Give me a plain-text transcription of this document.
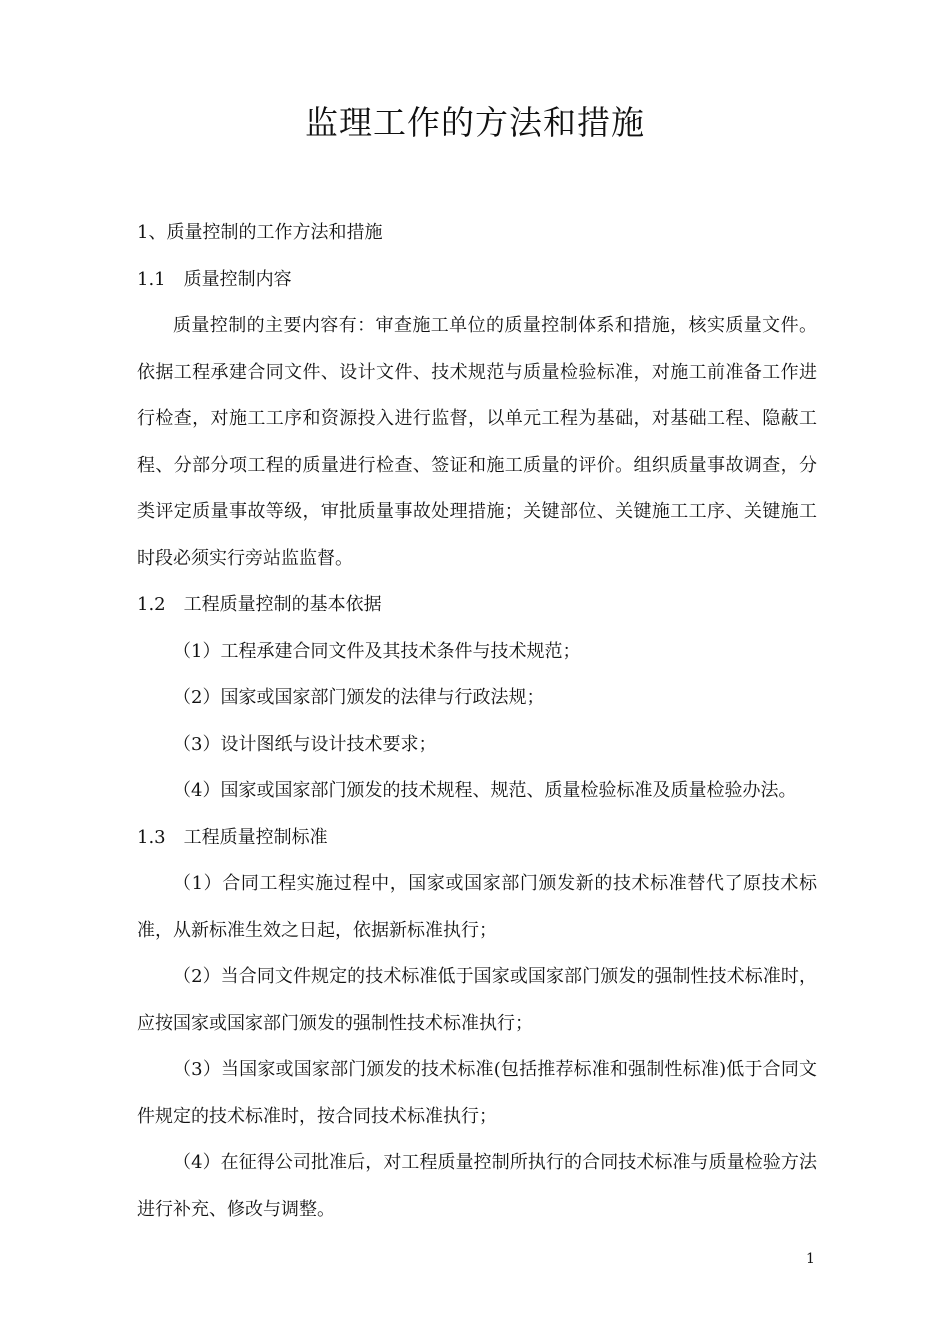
监理工作的方法和措施

1、质量控制的工作方法和措施

1.1　质量控制内容

质量控制的主要内容有：审查施工单位的质量控制体系和措施，核实质量文件。依据工程承建合同文件、设计文件、技术规范与质量检验标准，对施工前准备工作进行检查，对施工工序和资源投入进行监督，以单元工程为基础，对基础工程、隐蔽工程、分部分项工程的质量进行检查、签证和施工质量的评价。组织质量事故调查，分类评定质量事故等级，审批质量事故处理措施；关键部位、关键施工工序、关键施工时段必须实行旁站监监督。

1.2　工程质量控制的基本依据

（1）工程承建合同文件及其技术条件与技术规范；

（2）国家或国家部门颁发的法律与行政法规；

（3）设计图纸与设计技术要求；

（4）国家或国家部门颁发的技术规程、规范、质量检验标准及质量检验办法。

1.3　工程质量控制标准

（1）合同工程实施过程中，国家或国家部门颁发新的技术标准替代了原技术标准，从新标准生效之日起，依据新标准执行；

（2）当合同文件规定的技术标准低于国家或国家部门颁发的强制性技术标准时，应按国家或国家部门颁发的强制性技术标准执行；

（3）当国家或国家部门颁发的技术标准(包括推荐标准和强制性标准)低于合同文件规定的技术标准时，按合同技术标准执行；

（4）在征得公司批准后，对工程质量控制所执行的合同技术标准与质量检验方法进行补充、修改与调整。

1
